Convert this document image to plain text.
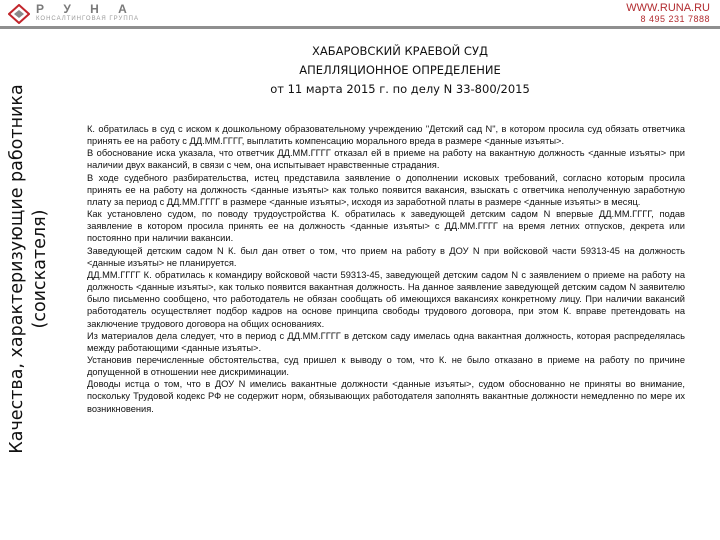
Р У Н А
КОНСАЛТИНГОВАЯ ГРУППА
WWW.RUNA.RU
8 495 231 7888
Качества, характеризующие работника (соискателя)
ХАБАРОВСКИЙ КРАЕВОЙ СУД
АПЕЛЛЯЦИОННОЕ ОПРЕДЕЛЕНИЕ
от 11 марта 2015 г. по делу N 33-800/2015

К. обратилась в суд с иском к дошкольному образовательному учреждению "Детский сад N", в котором просила суд обязать ответчика принять ее на работу с ДД.ММ.ГГГГ, выплатить компенсацию морального вреда в размере <данные изъяты>.

В обоснование иска указала, что ответчик ДД.ММ.ГГГГ отказал ей в приеме на работу на вакантную должность <данные изъяты> при наличии двух вакансий, в связи с чем, она испытывает нравственные страдания.

В ходе судебного разбирательства, истец представила заявление о дополнении исковых требований, согласно которым просила принять ее на работу на должность <данные изъяты> как только появится вакансия, взыскать с ответчика неполученную заработную плату за период с ДД.ММ.ГГГГ в размере <данные изъяты>, исходя из заработной платы в размере <данные изъяты> в месяц.

Как установлено судом, по поводу трудоустройства К. обратилась к заведующей детским садом N впервые ДД.ММ.ГГГГ, подав заявление в котором просила принять ее на должность <данные изъяты> с ДД.ММ.ГГГГ на время летних отпусков, декрета или постоянно при наличии вакансии.

Заведующей детским садом N К. был дан ответ о том, что прием на работу в ДОУ N при войсковой части 59313-45 на должность <данные изъяты> не планируется.

ДД.ММ.ГГГГ К. обратилась к командиру войсковой части 59313-45, заведующей детским садом N с заявлением о приеме на работу на должность <данные изъяты>, как только появится вакантная должность. На данное заявление заведующей детским садом N заявителю было письменно сообщено, что работодатель не обязан сообщать об имеющихся вакансиях конкретному лицу. При наличии вакансий работодатель осуществляет подбор кадров на основе принципа свободы трудового договора, при этом К. вправе претендовать на заключение трудового договора на общих основаниях.

Из материалов дела следует, что в период с ДД.ММ.ГГГГ в детском саду имелась одна вакантная должность, которая распределялась между работающими <данные изъяты>.

Установив перечисленные обстоятельства, суд пришел к выводу о том, что К. не было отказано в приеме на работу по причине допущенной в отношении нее дискриминации.

Доводы истца о том, что в ДОУ N имелись вакантные должности <данные изъяты>, судом обоснованно не приняты во внимание, поскольку Трудовой кодекс РФ не содержит норм, обязывающих работодателя заполнять вакантные должности немедленно по мере их возникновения.
